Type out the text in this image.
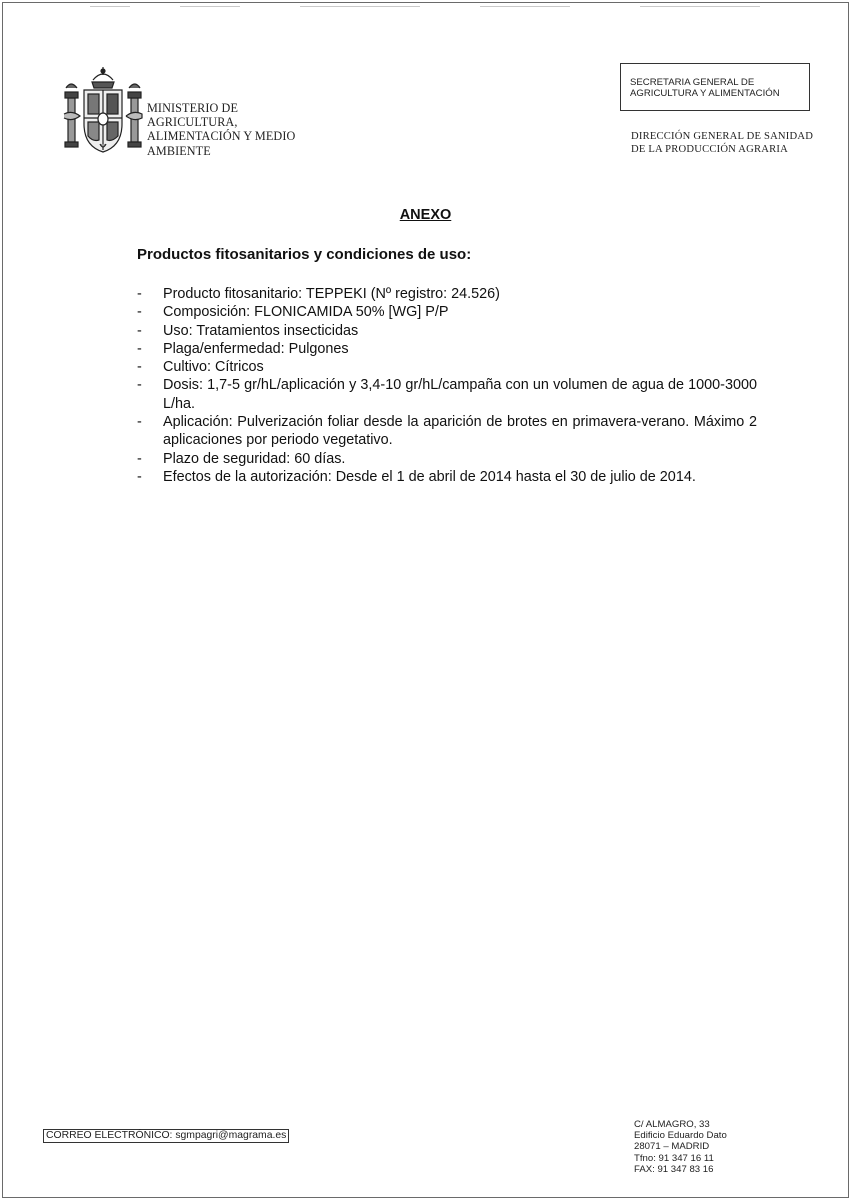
MINISTERIO DE
AGRICULTURA,
ALIMENTACIÓN Y MEDIO
AMBIENTE
SECRETARIA GENERAL DE
AGRICULTURA Y ALIMENTACIÓN
DIRECCIÓN GENERAL DE SANIDAD
DE LA PRODUCCIÓN AGRARIA
ANEXO
Productos fitosanitarios y condiciones de uso:
- Producto fitosanitario: TEPPEKI (Nº registro: 24.526)
- Composición: FLONICAMIDA 50% [WG] P/P
- Uso: Tratamientos insecticidas
- Plaga/enfermedad: Pulgones
- Cultivo: Cítricos
- Dosis: 1,7-5 gr/hL/aplicación y 3,4-10 gr/hL/campaña con un volumen de agua de 1000-3000 L/ha.
- Aplicación: Pulverización foliar desde la aparición de brotes en primavera-verano. Máximo 2 aplicaciones por periodo vegetativo.
- Plazo de seguridad: 60 días.
- Efectos de la autorización: Desde el 1 de abril de 2014 hasta el 30 de julio de 2014.
CORREO ELECTRÓNICO: sgmpagri@magrama.es
C/ ALMAGRO, 33
Edificio Eduardo Dato
28071 – MADRID
Tfno: 91 347 16 11
FAX: 91 347 83 16
